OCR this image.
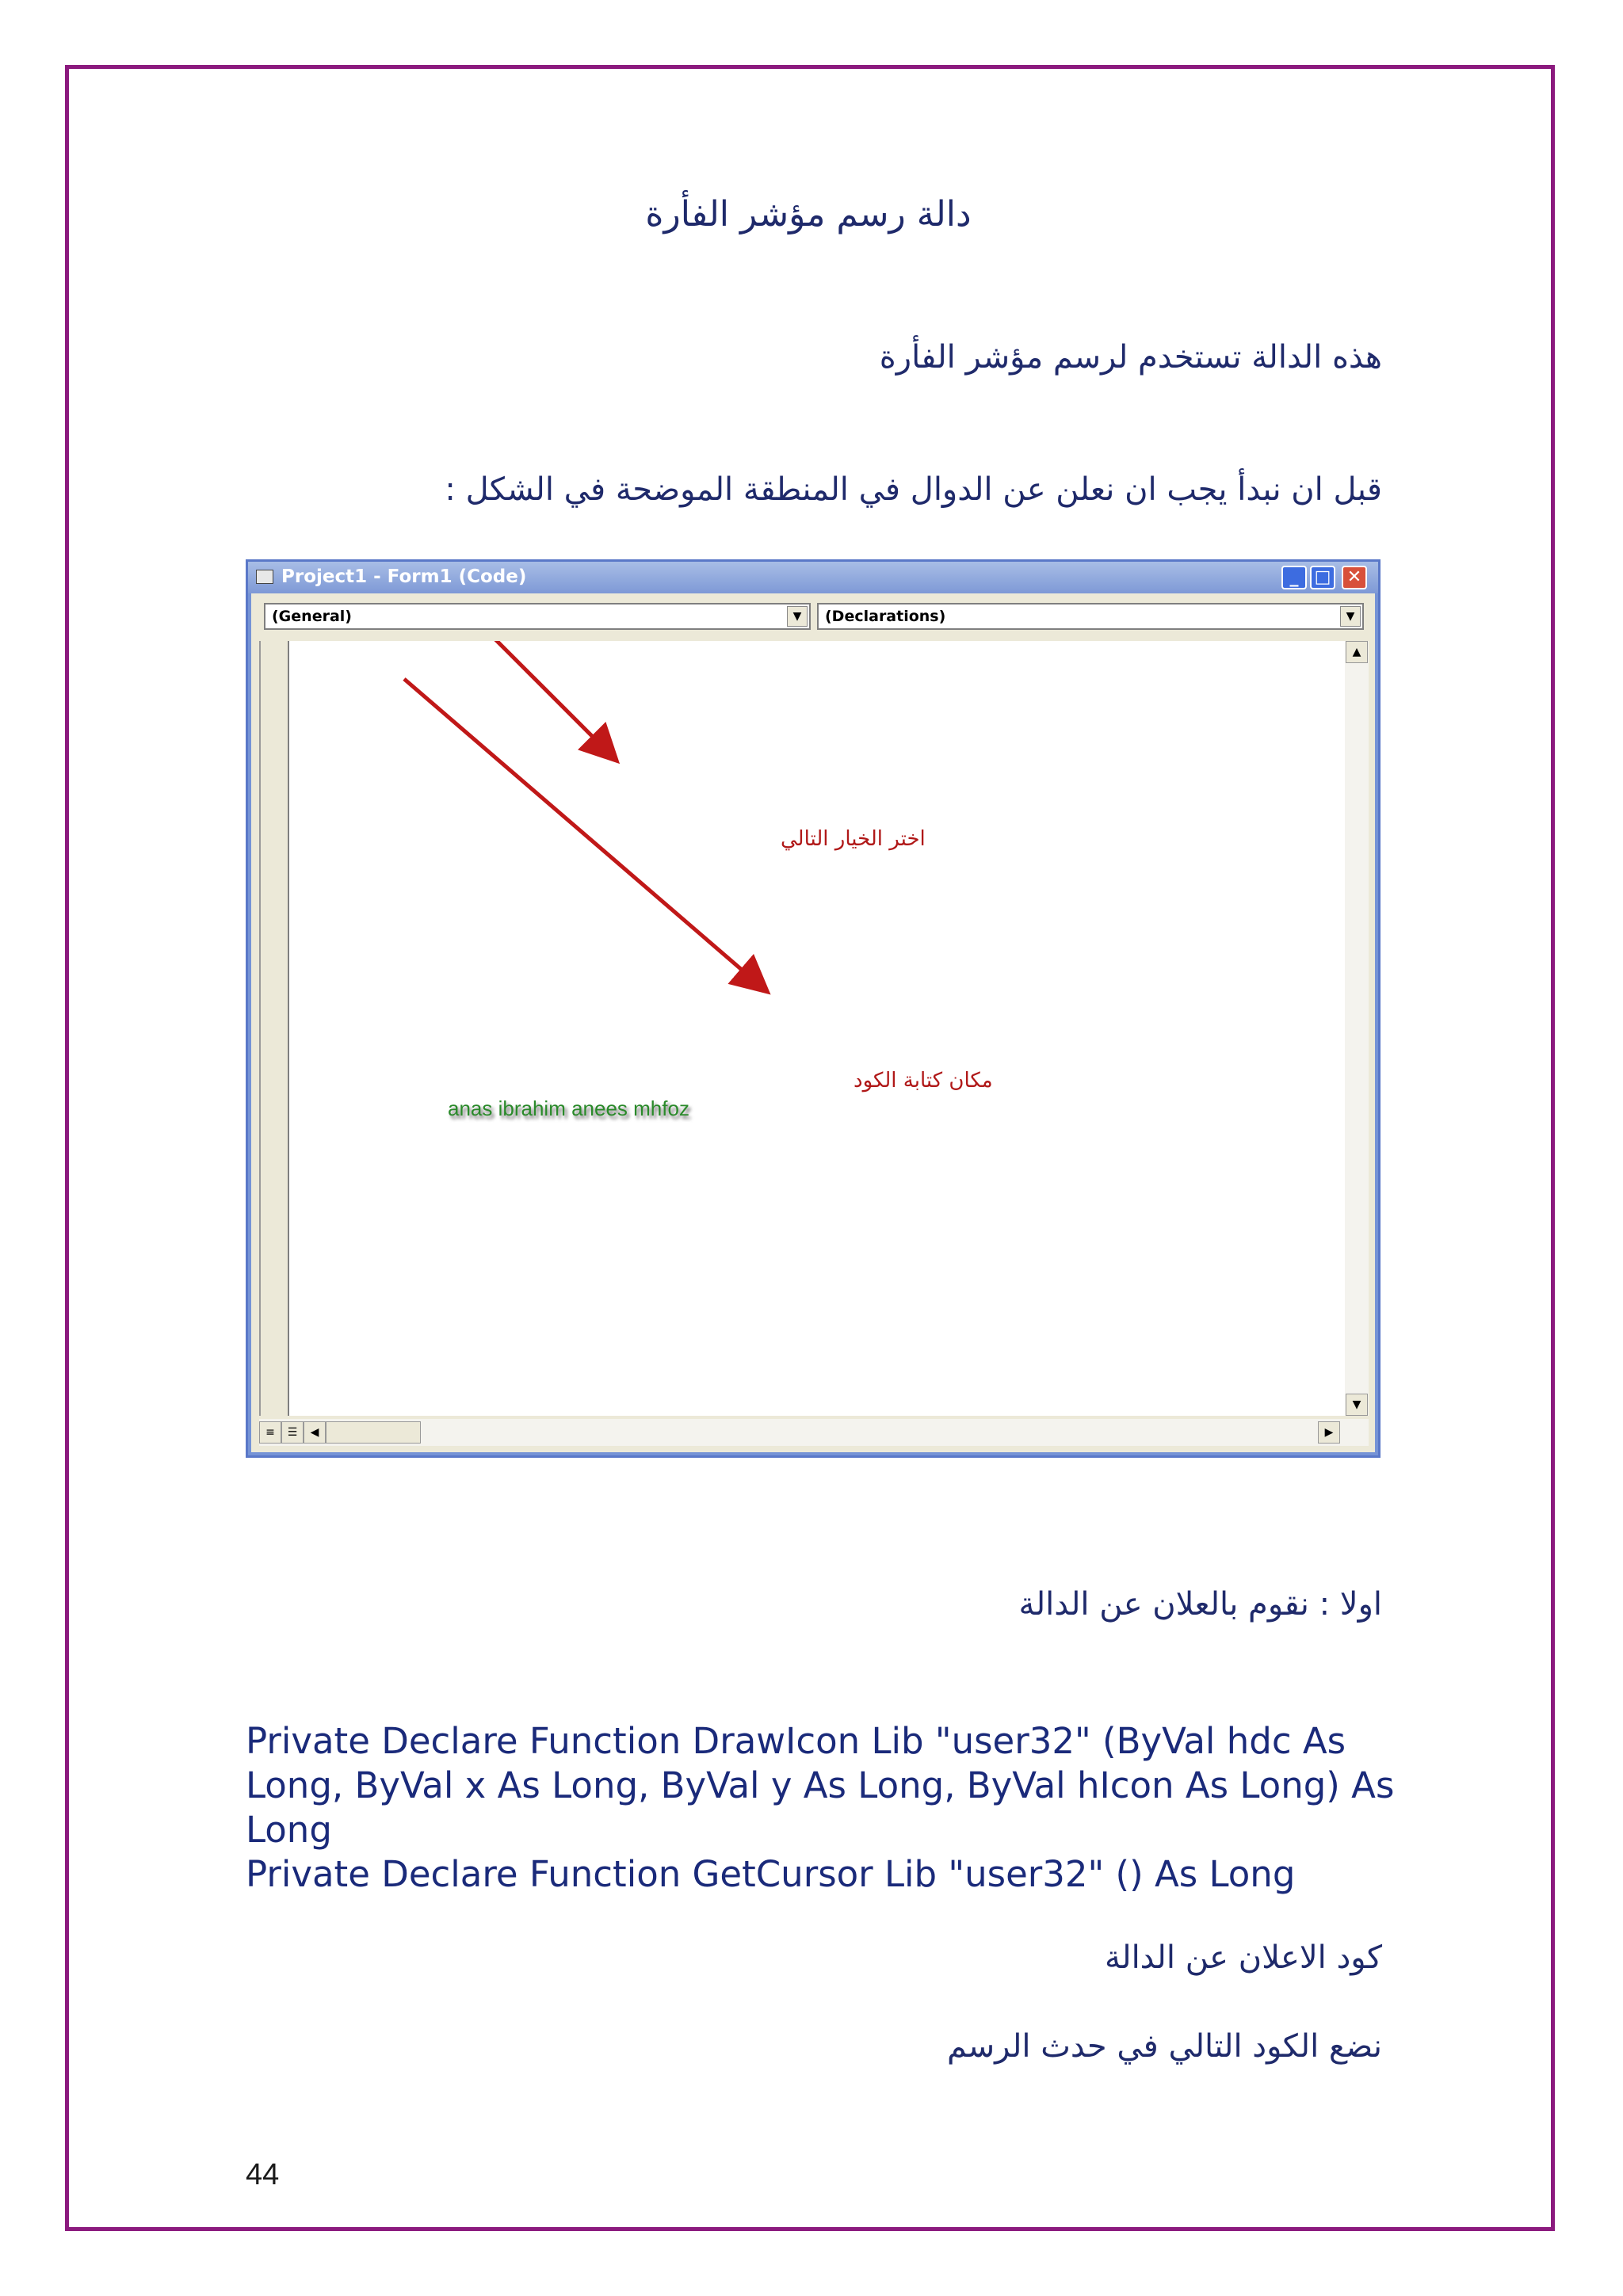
دالة رسم مؤشر الفأرة
هذه الدالة تستخدم لرسم مؤشر الفأرة
قبل ان نبدأ يجب ان نعلن عن الدوال في المنطقة الموضحة في الشكل :
Project1 - Form1 (Code)	_ □ ✕
(General)	▼	(Declarations)	▼
اختر الخيار التالي
مكان كتابة الكود
anas ibrahim anees mhfoz
▲
▼
≡	☰	◀	▶
اولا : نقوم بالعلان عن الدالة
Private Declare Function DrawIcon Lib "user32" (ByVal hdc As
Long, ByVal x As Long, ByVal y As Long, ByVal hIcon As Long) As
Long
Private Declare Function GetCursor Lib "user32" () As Long
كود الاعلان عن الدالة
نضع الكود التالي في حدث الرسم
44
